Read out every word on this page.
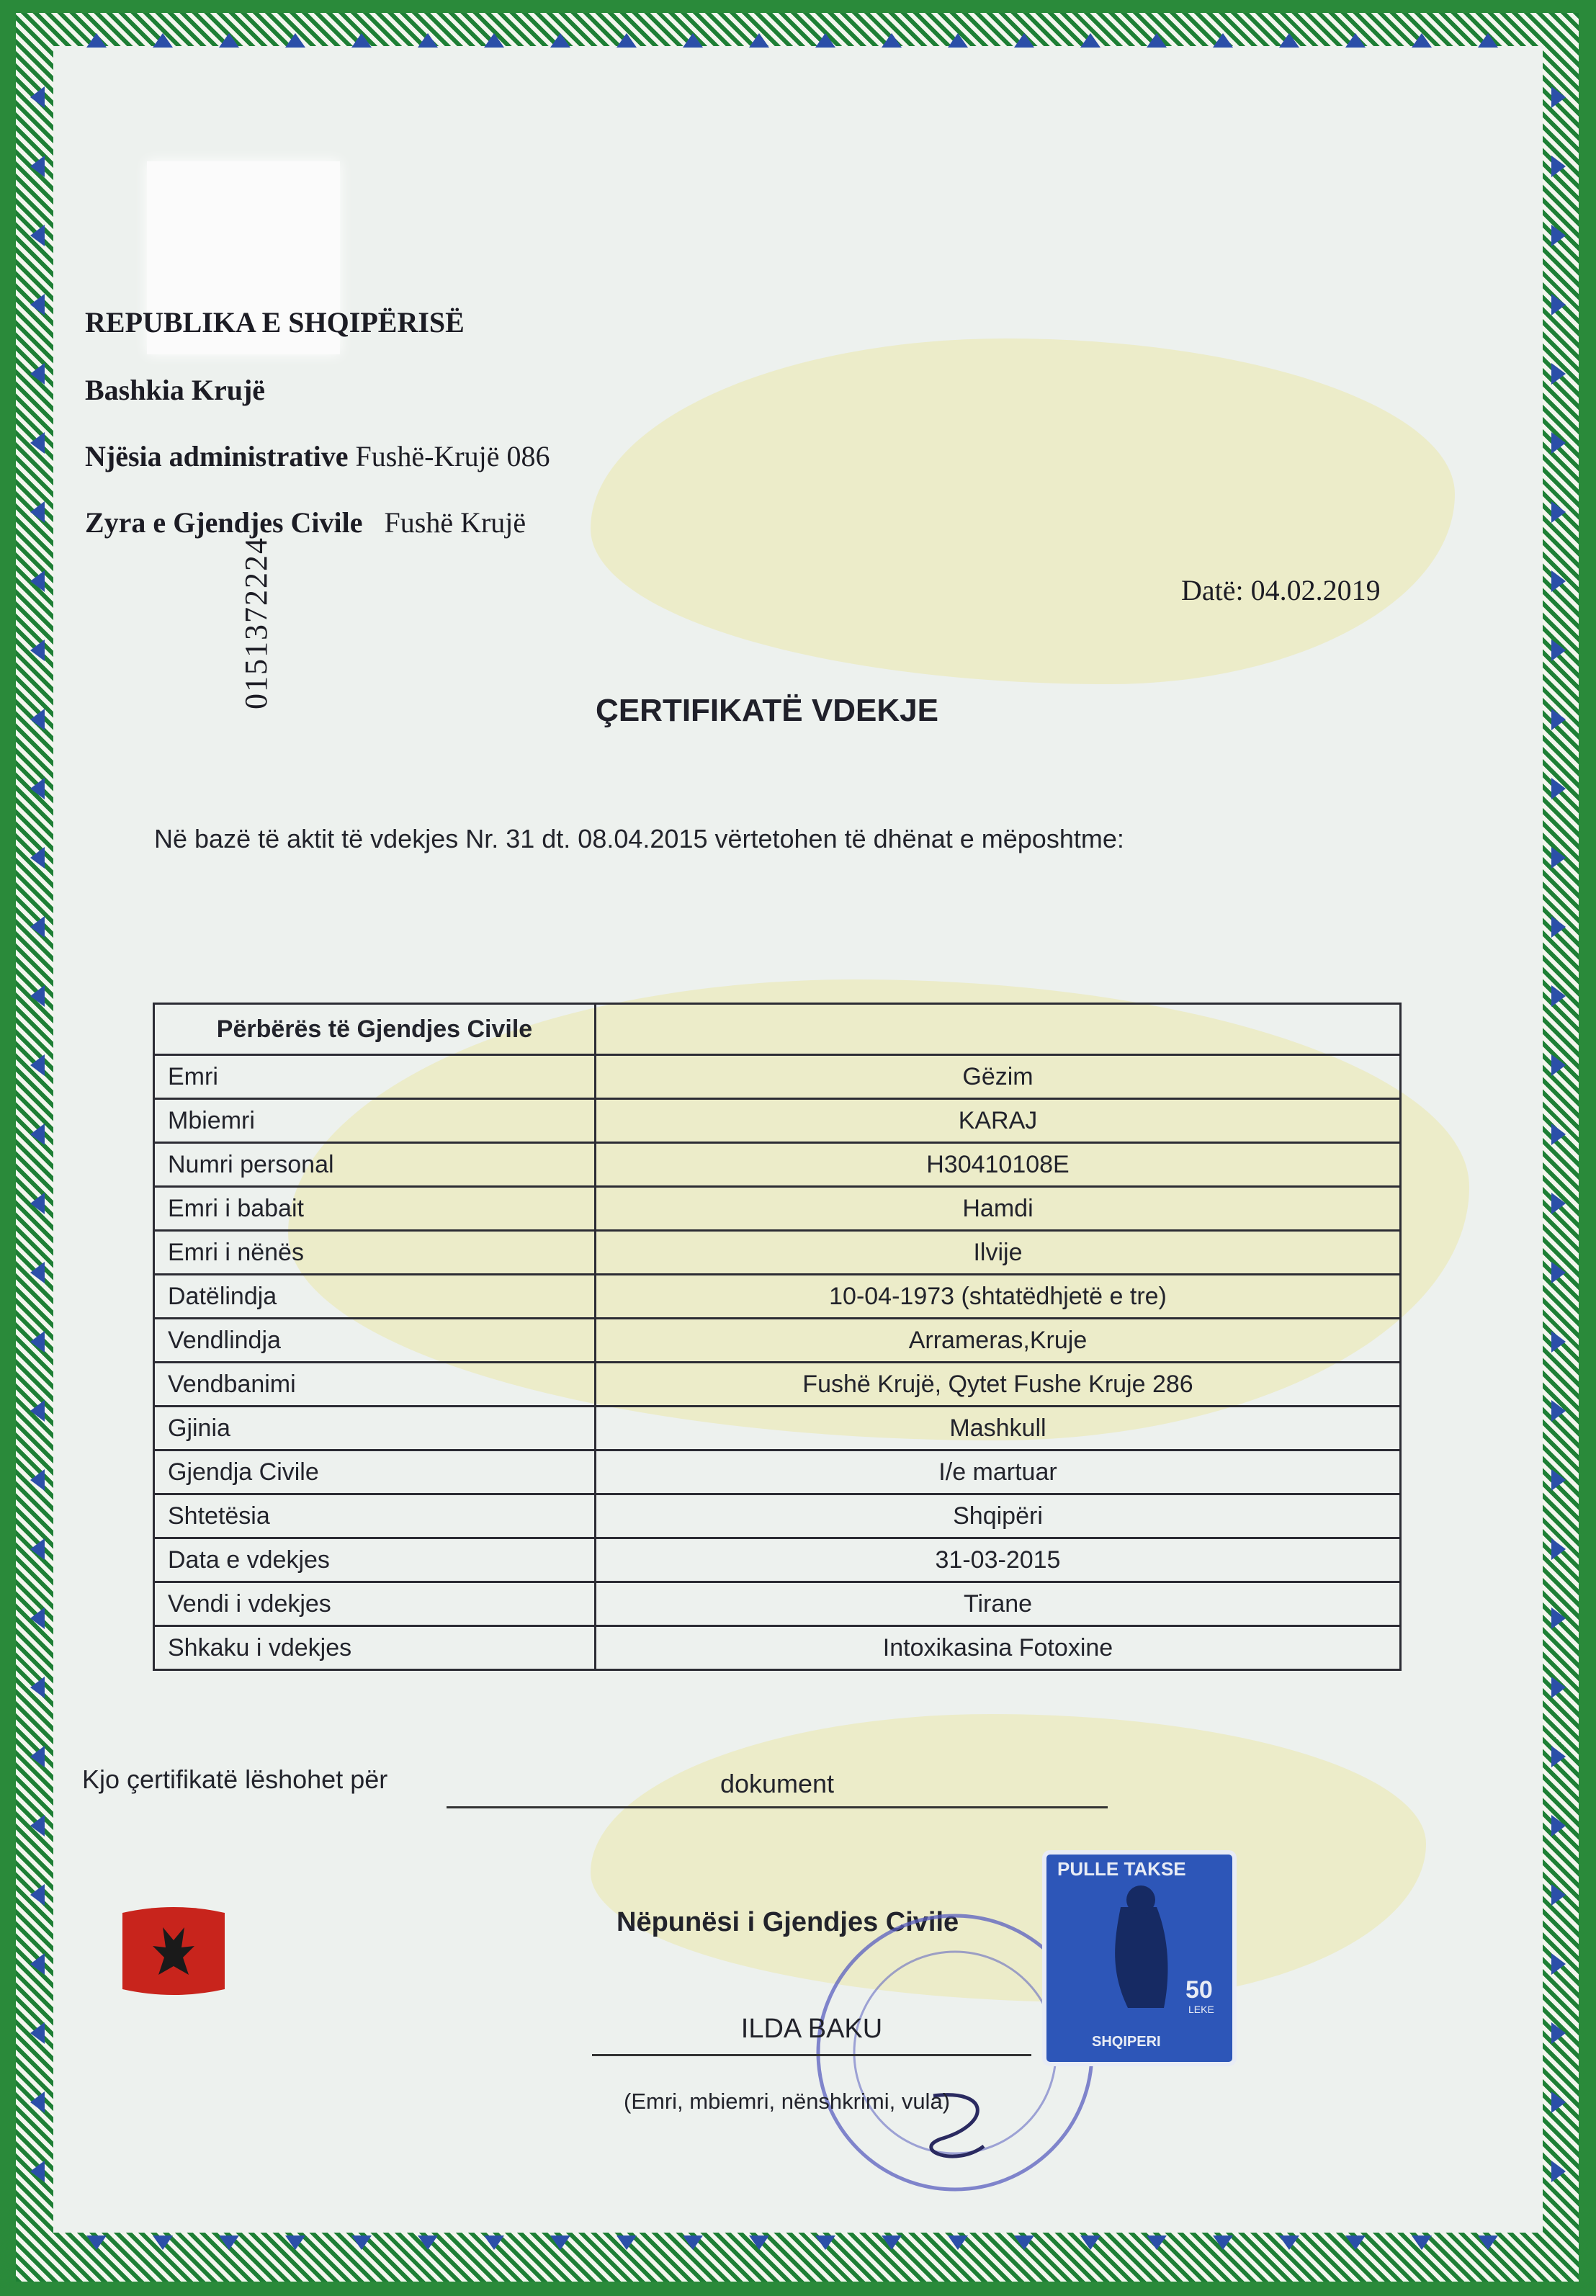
REPUBLIKA E SHQIPËRISË
Bashkia Krujë
Njësia administrative Fushë-Krujë 086
Zyra e Gjendjes Civile Fushë Krujë
0151372224	Datë: 04.02.2019
ÇERTIFIKATË VDEKJE
Në bazë të aktit të vdekjes Nr. 31 dt. 08.04.2015 vërtetohen të dhënat e mëposhtme:
Përbërës të Gjendjes Civile	
Emri	Gëzim
Mbiemri	KARAJ
Numri personal	H30410108E
Emri i babait	Hamdi
Emri i nënës	Ilvije
Datëlindja	10-04-1973 (shtatëdhjetë e tre)
Vendlindja	Arrameras,Kruje
Vendbanimi	Fushë Krujë, Qytet Fushe Kruje 286
Gjinia	Mashkull
Gjendja Civile	I/e martuar
Shtetësia	Shqipëri
Data e vdekjes	31-03-2015
Vendi i vdekjes	Tirane
Shkaku i vdekjes	Intoxikasina Fotoxine
Kjo çertifikatë lëshohet për	dokument
Nëpunësi i Gjendjes Civile
ILDA BAKU
(Emri, mbiemri, nënshkrimi, vula)
PULLE TAKSE
50
LEKE
SHQIPERI
